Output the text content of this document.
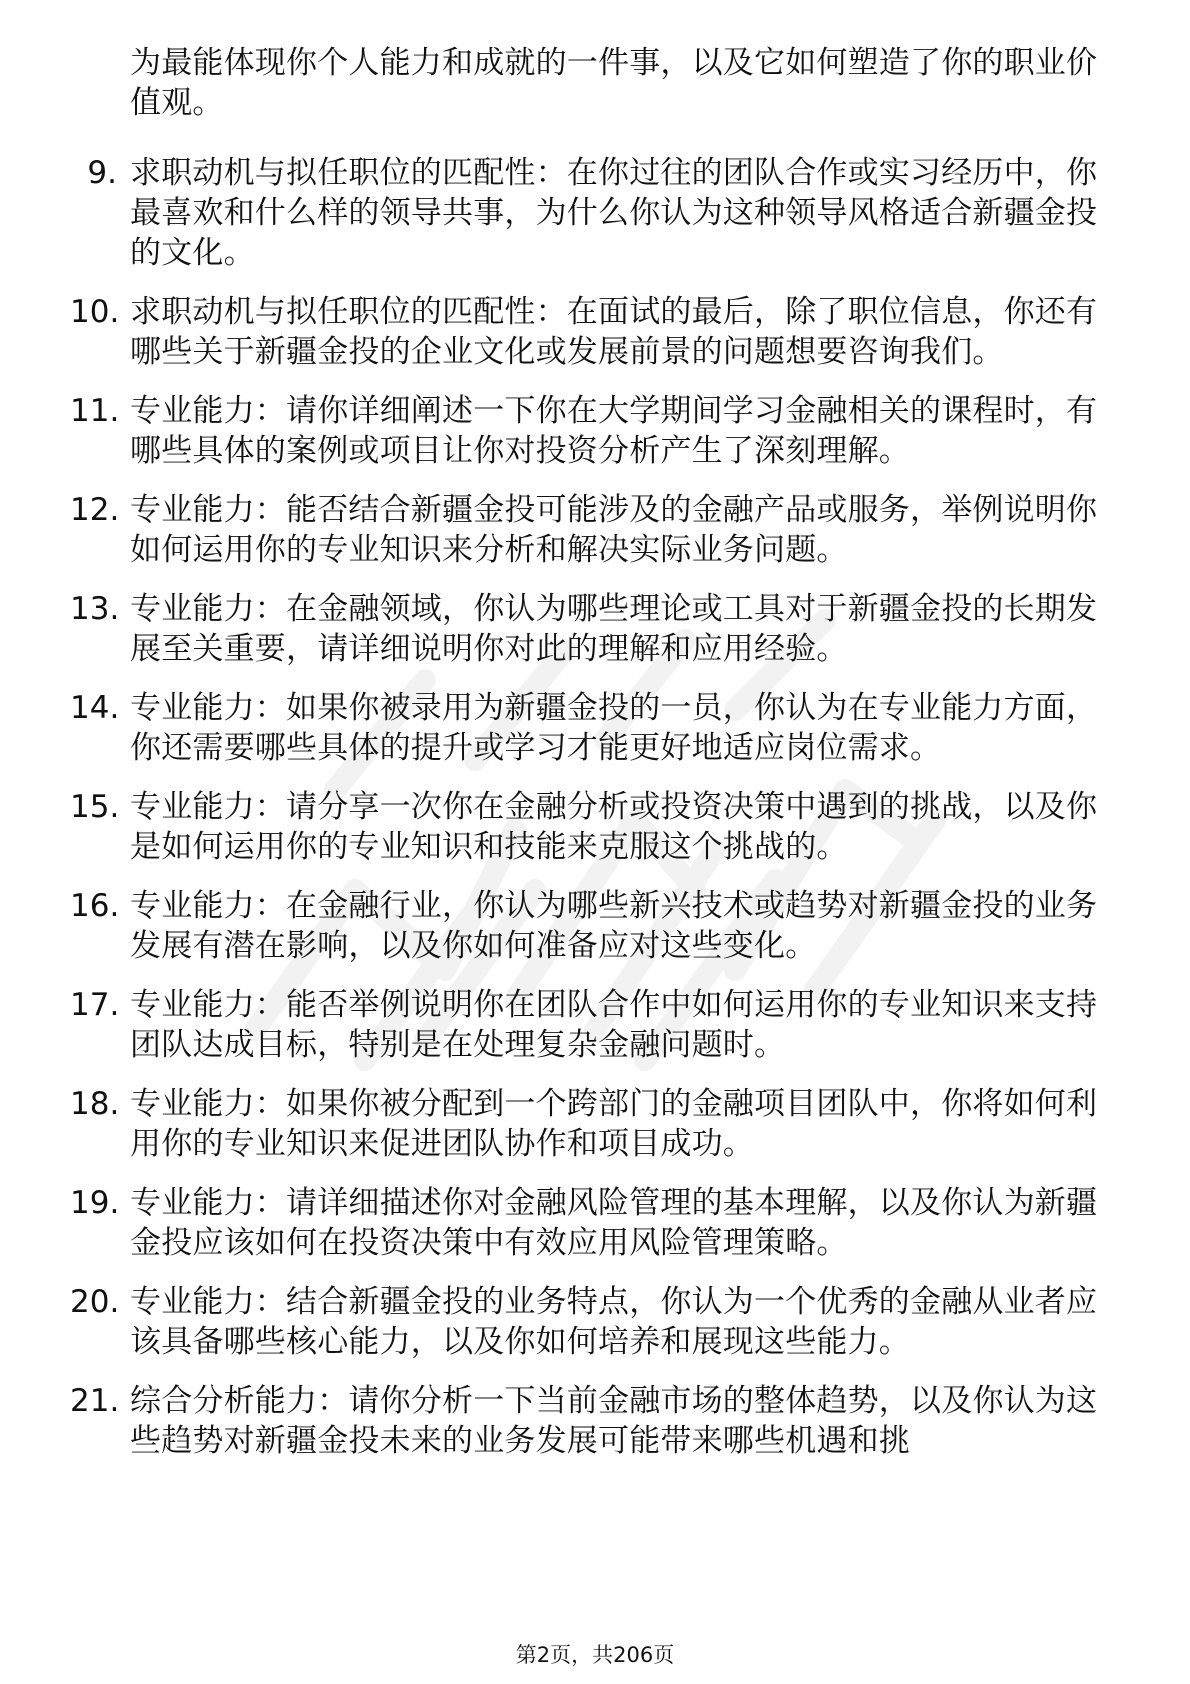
为最能体现你个人能力和成就的一件事，以及它如何塑造了你的职业价值观。
9. 求职动机与拟任职位的匹配性：在你过往的团队合作或实习经历中，你最喜欢和什么样的领导共事，为什么你认为这种领导风格适合新疆金投的文化。
10. 求职动机与拟任职位的匹配性：在面试的最后，除了职位信息，你还有哪些关于新疆金投的企业文化或发展前景的问题想要咨询我们。
11. 专业能力：请你详细阐述一下你在大学期间学习金融相关的课程时，有哪些具体的案例或项目让你对投资分析产生了深刻理解。
12. 专业能力：能否结合新疆金投可能涉及的金融产品或服务，举例说明你如何运用你的专业知识来分析和解决实际业务问题。
13. 专业能力：在金融领域，你认为哪些理论或工具对于新疆金投的长期发展至关重要，请详细说明你对此的理解和应用经验。
14. 专业能力：如果你被录用为新疆金投的一员，你认为在专业能力方面，你还需要哪些具体的提升或学习才能更好地适应岗位需求。
15. 专业能力：请分享一次你在金融分析或投资决策中遇到的挑战，以及你是如何运用你的专业知识和技能来克服这个挑战的。
16. 专业能力：在金融行业，你认为哪些新兴技术或趋势对新疆金投的业务发展有潜在影响，以及你如何准备应对这些变化。
17. 专业能力：能否举例说明你在团队合作中如何运用你的专业知识来支持团队达成目标，特别是在处理复杂金融问题时。
18. 专业能力：如果你被分配到一个跨部门的金融项目团队中，你将如何利用你的专业知识来促进团队协作和项目成功。
19. 专业能力：请详细描述你对金融风险管理的基本理解，以及你认为新疆金投应该如何在投资决策中有效应用风险管理策略。
20. 专业能力：结合新疆金投的业务特点，你认为一个优秀的金融从业者应该具备哪些核心能力，以及你如何培养和展现这些能力。
21. 综合分析能力：请你分析一下当前金融市场的整体趋势，以及你认为这些趋势对新疆金投未来的业务发展可能带来哪些机遇和挑
第2页，共206页
